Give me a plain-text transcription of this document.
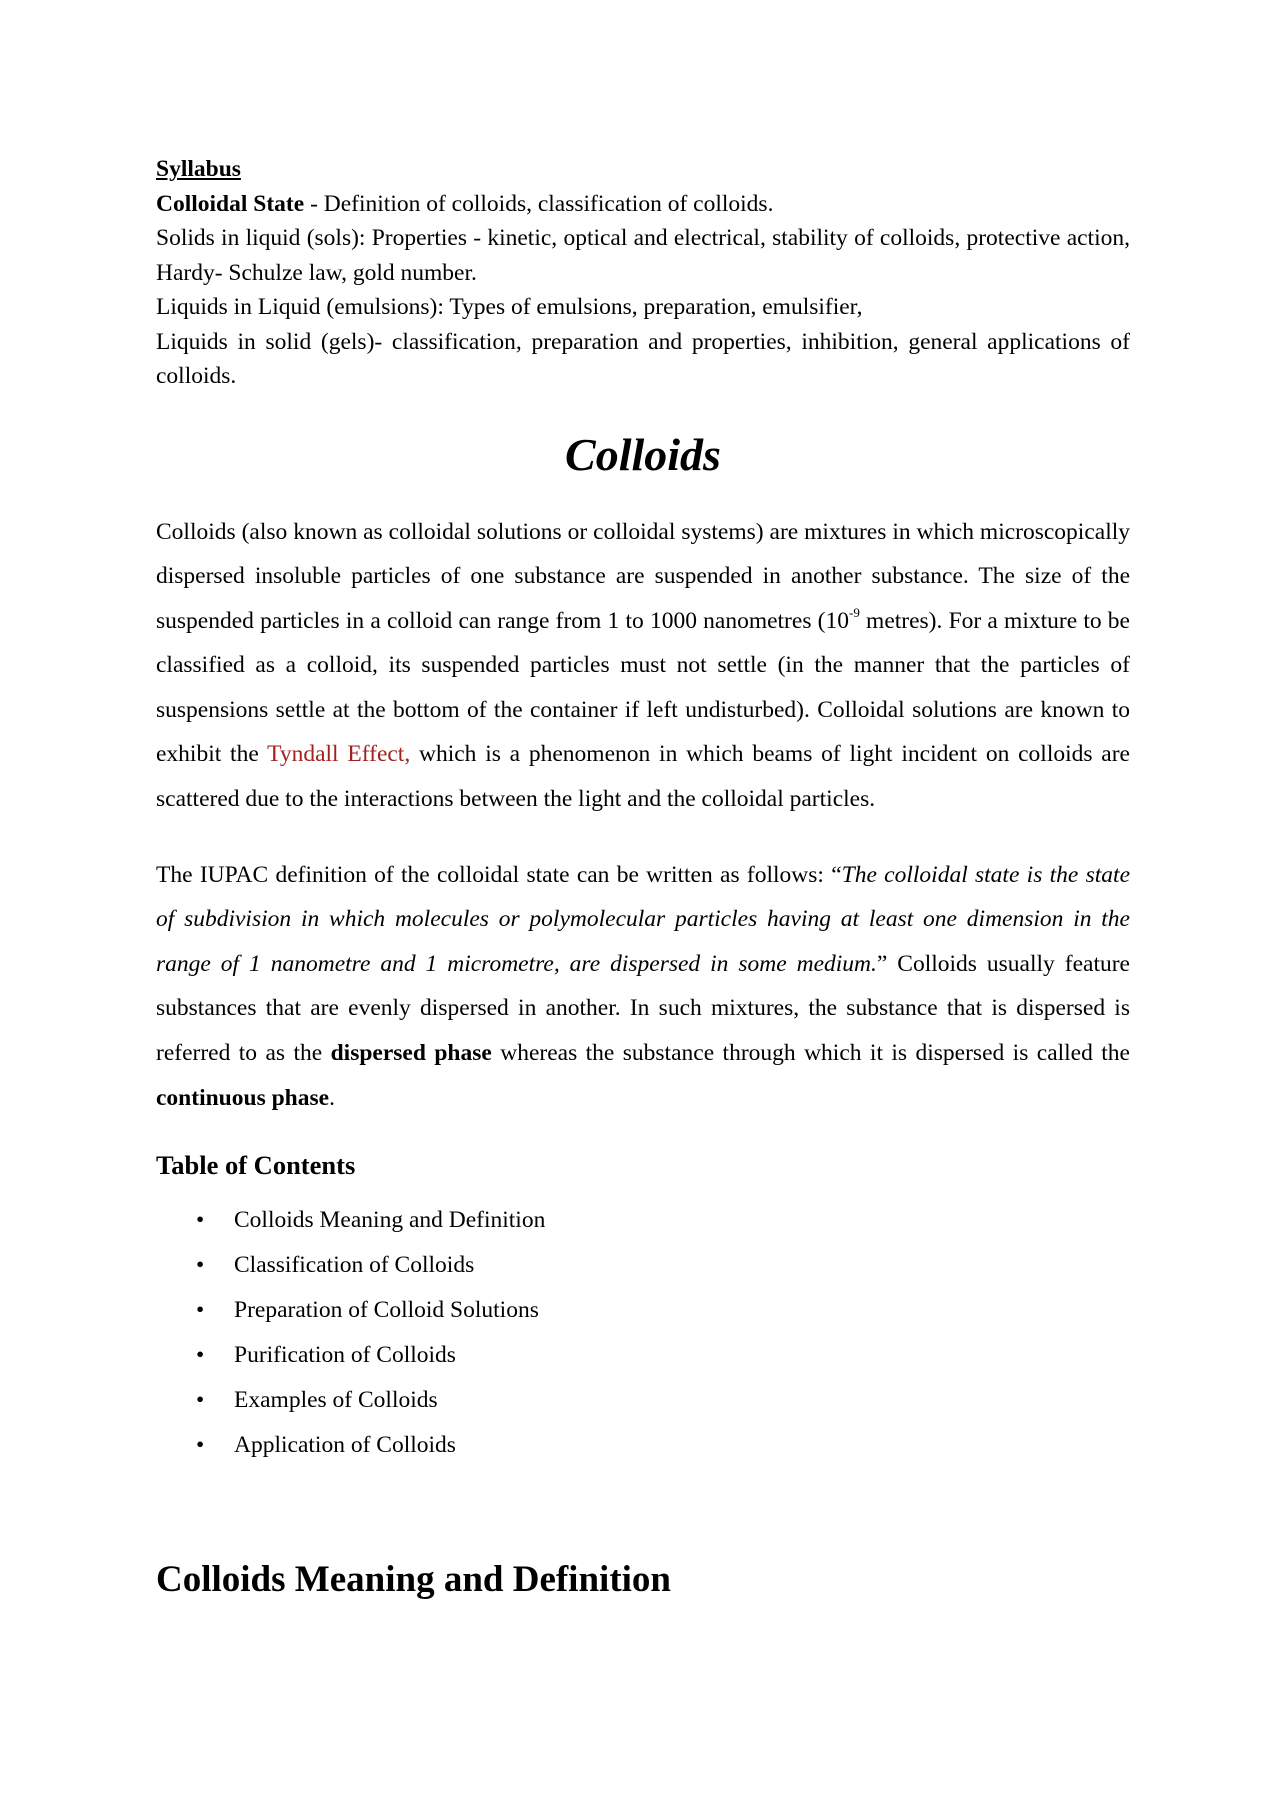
Syllabus

Colloidal State - Definition of colloids, classification of colloids.

Solids in liquid (sols): Properties - kinetic, optical and electrical, stability of colloids, protective action, Hardy- Schulze law, gold number.

Liquids in Liquid (emulsions): Types of emulsions, preparation, emulsifier,

Liquids in solid (gels)- classification, preparation and properties, inhibition, general applications of colloids.

Colloids

Colloids (also known as colloidal solutions or colloidal systems) are mixtures in which microscopically dispersed insoluble particles of one substance are suspended in another substance. The size of the suspended particles in a colloid can range from 1 to 1000 nanometres ($10^{-9}$ metres). For a mixture to be classified as a colloid, its suspended particles must not settle (in the manner that the particles of suspensions settle at the bottom of the container if left undisturbed). Colloidal solutions are known to exhibit the Tyndall Effect, which is a phenomenon in which beams of light incident on colloids are scattered due to the interactions between the light and the colloidal particles.

The IUPAC definition of the colloidal state can be written as follows: “The colloidal state is the state of subdivision in which molecules or polymolecular particles having at least one dimension in the range of 1 nanometre and 1 micrometre, are dispersed in some medium.” Colloids usually feature substances that are evenly dispersed in another. In such mixtures, the substance that is dispersed is referred to as the dispersed phase whereas the substance through which it is dispersed is called the continuous phase.

Table of Contents
• Colloids Meaning and Definition
• Classification of Colloids
• Preparation of Colloid Solutions
• Purification of Colloids
• Examples of Colloids
• Application of Colloids
Colloids Meaning and Definition
